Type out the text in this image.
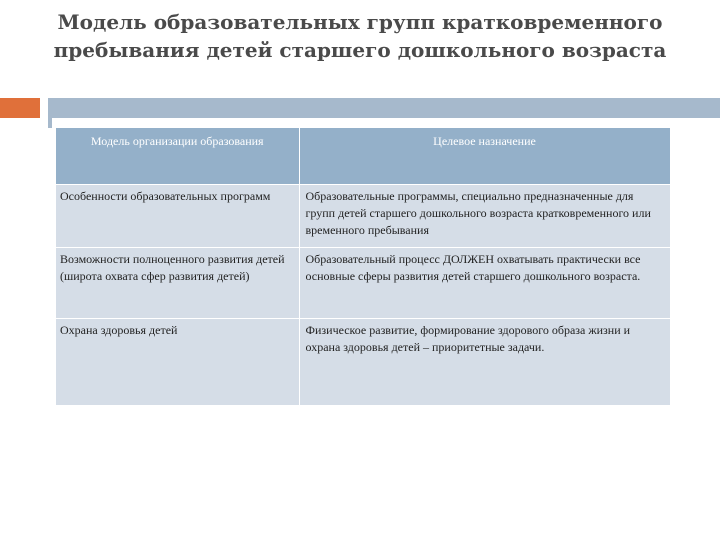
Модель образовательных групп кратковременного
пребывания детей старшего дошкольного возраста
Модель организации образования	Целевое назначение

Особенности образовательных программ	Образовательные программы, специально предназначенные для групп детей старшего дошкольного возраста кратковременного или временного пребывания
Возможности полноценного развития детей (широта охвата сфер развития детей)	Образовательный процесс ДОЛЖЕН охватывать практически все основные сферы развития детей старшего дошкольного возраста.
Охрана здоровья детей	Физическое развитие, формирование здорового образа жизни и охрана здоровья детей – приоритетные задачи.
